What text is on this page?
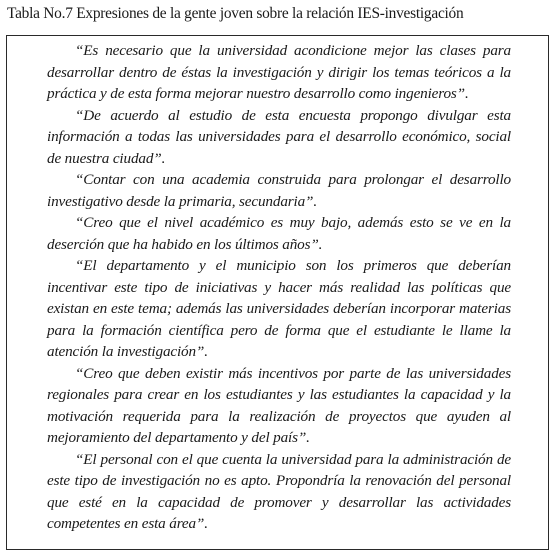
Tabla No.7 Expresiones de la gente joven sobre la relación IES-investigación
“Es necesario que la universidad acondicione mejor las clases para desarrollar dentro de éstas la investigación y dirigir los temas teóricos a la práctica y de esta forma mejorar nuestro desarrollo como ingenieros”.
“De acuerdo al estudio de esta encuesta propongo divulgar esta información a todas las universidades para el desarrollo económico, social de nuestra ciudad”.
“Contar con una academia construida para prolongar el desarrollo investigativo desde la primaria, secundaria”.
“Creo que el nivel académico es muy bajo, además esto se ve en la deserción que ha habido en los últimos años”.
“El departamento y el municipio son los primeros que deberían incentivar este tipo de iniciativas y hacer más realidad las políticas que existan en este tema; además las universidades deberían incorporar materias para la formación científica pero de forma que el estudiante le llame la atención la investigación”.
“Creo que deben existir más incentivos por parte de las universidades regionales para crear en los estudiantes y las estudiantes la capacidad y la motivación requerida para la realización de proyectos que ayuden al mejoramiento del departamento y del país”.
“El personal con el que cuenta la universidad para la administración de este tipo de investigación no es apto. Propondría la renovación del personal que esté en la capacidad de promover y desarrollar las actividades competentes en esta área”.
